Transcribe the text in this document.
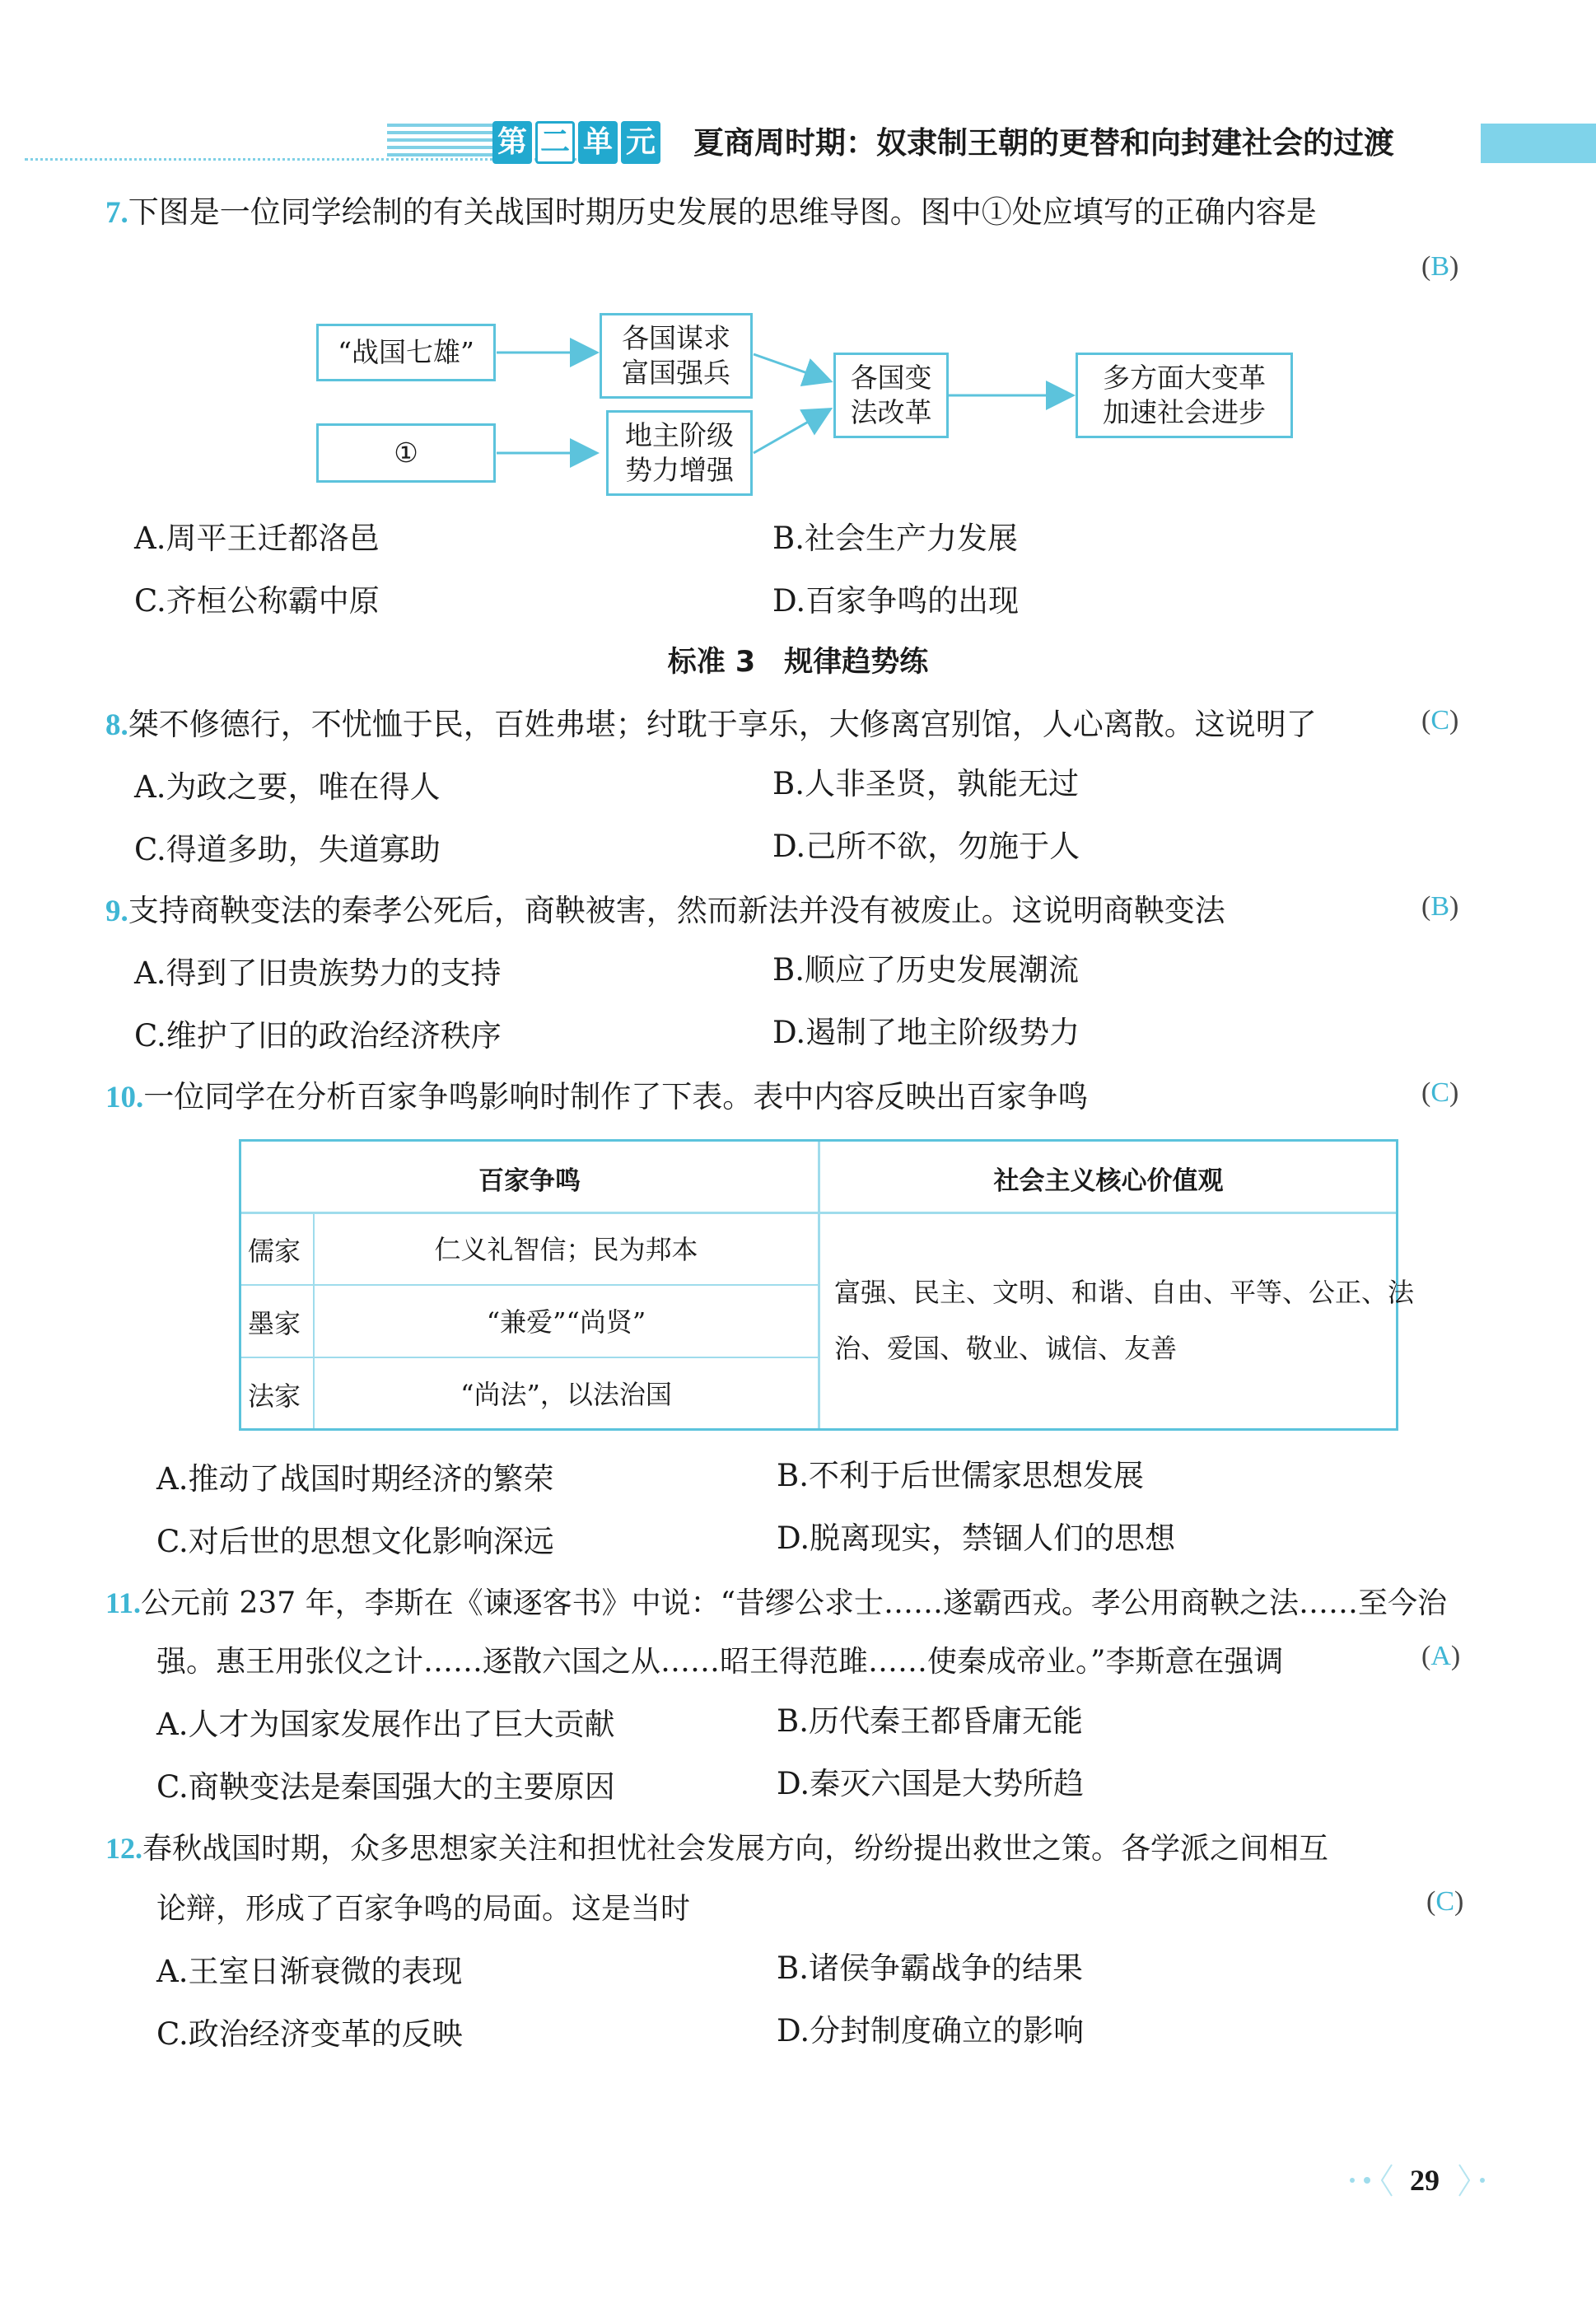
第 二 单 元 夏商周时期：奴隶制王朝的更替和向封建社会的过渡
7.下图是一位同学绘制的有关战国时期历史发展的思维导图。图中①处应填写的正确内容是
(B)
“战国七雄”	各国谋求
富国强兵
①
地主阶级
势力增强
各国变
法改革
多方面大变革
加速社会进步
A.周平王迁都洛邑	B.社会生产力发展
C.齐桓公称霸中原	D.百家争鸣的出现
标准 3　规律趋势练
8.桀不修德行，不忧恤于民，百姓弗堪；纣耽于享乐，大修离宫别馆，人心离散。这说明了	(C)
A.为政之要，唯在得人	B.人非圣贤，孰能无过
C.得道多助，失道寡助	D.己所不欲，勿施于人
9.支持商鞅变法的秦孝公死后，商鞅被害，然而新法并没有被废止。这说明商鞅变法	(B)
A.得到了旧贵族势力的支持	B.顺应了历史发展潮流
C.维护了旧的政治经济秩序	D.遏制了地主阶级势力
10.一位同学在分析百家争鸣影响时制作了下表。表中内容反映出百家争鸣	(C)
百家争鸣	社会主义核心价值观
儒家	仁义礼智信；民为邦本
墨家	“兼爱”“尚贤”
法家	“尚法”，以法治国
富强、民主、文明、和谐、自由、平等、公正、法
治、爱国、敬业、诚信、友善
A.推动了战国时期经济的繁荣	B.不利于后世儒家思想发展
C.对后世的思想文化影响深远	D.脱离现实，禁锢人们的思想
11.公元前 237 年，李斯在《谏逐客书》中说：“昔缪公求士……遂霸西戎。孝公用商鞅之法……至今治
强。惠王用张仪之计……逐散六国之从……昭王得范雎……使秦成帝业。”李斯意在强调	(A)
A.人才为国家发展作出了巨大贡献	B.历代秦王都昏庸无能
C.商鞅变法是秦国强大的主要原因	D.秦灭六国是大势所趋
12.春秋战国时期，众多思想家关注和担忧社会发展方向，纷纷提出救世之策。各学派之间相互
论辩，形成了百家争鸣的局面。这是当时	(C)
A.王室日渐衰微的表现	B.诸侯争霸战争的结果
C.政治经济变革的反映	D.分封制度确立的影响
29
